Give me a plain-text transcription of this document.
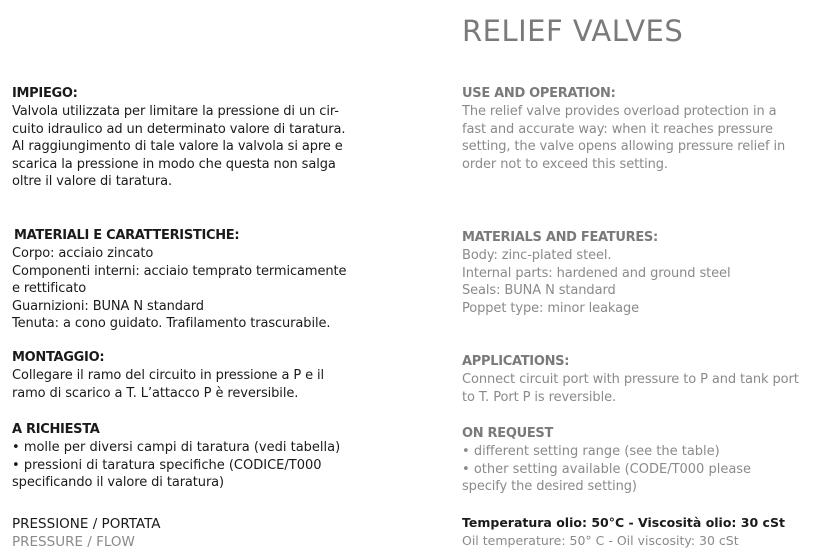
RELIEF VALVES

IMPIEGO:

Valvola utilizzata per limitare la pressione di un cir-

cuito idraulico ad un determinato valore di taratura.

Al raggiungimento di tale valore la valvola si apre e

scarica la pressione in modo che questa non salga

oltre il valore di taratura.

MATERIALI E CARATTERISTICHE:

Corpo: acciaio zincato

Componenti interni: acciaio temprato termicamente

e rettificato

Guarnizioni: BUNA N standard

Tenuta: a cono guidato. Trafilamento trascurabile.

MONTAGGIO:

Collegare il ramo del circuito in pressione a P e il

ramo di scarico a T. L’attacco P è reversibile.

A RICHIESTA

• molle per diversi campi di taratura (vedi tabella)
• pressioni di taratura specifiche (CODICE/T000

specificando il valore di taratura)

PRESSIONE / PORTATA

PRESSURE / FLOW

USE AND OPERATION:

The relief valve provides overload protection in a

fast and accurate way: when it reaches pressure

setting, the valve opens allowing pressure relief in

order not to exceed this setting.

MATERIALS AND FEATURES:

Body: zinc-plated steel.

Internal parts: hardened and ground steel

Seals: BUNA N standard

Poppet type: minor leakage

APPLICATIONS:

Connect circuit port with pressure to P and tank port

to T. Port P is reversible.

ON REQUEST

• different setting range (see the table)
• other setting available (CODE/T000 please

specify the desired setting)

Temperatura olio: 50°C - Viscosità olio: 30 cSt

Oil temperature: 50° C - Oil viscosity: 30 cSt
